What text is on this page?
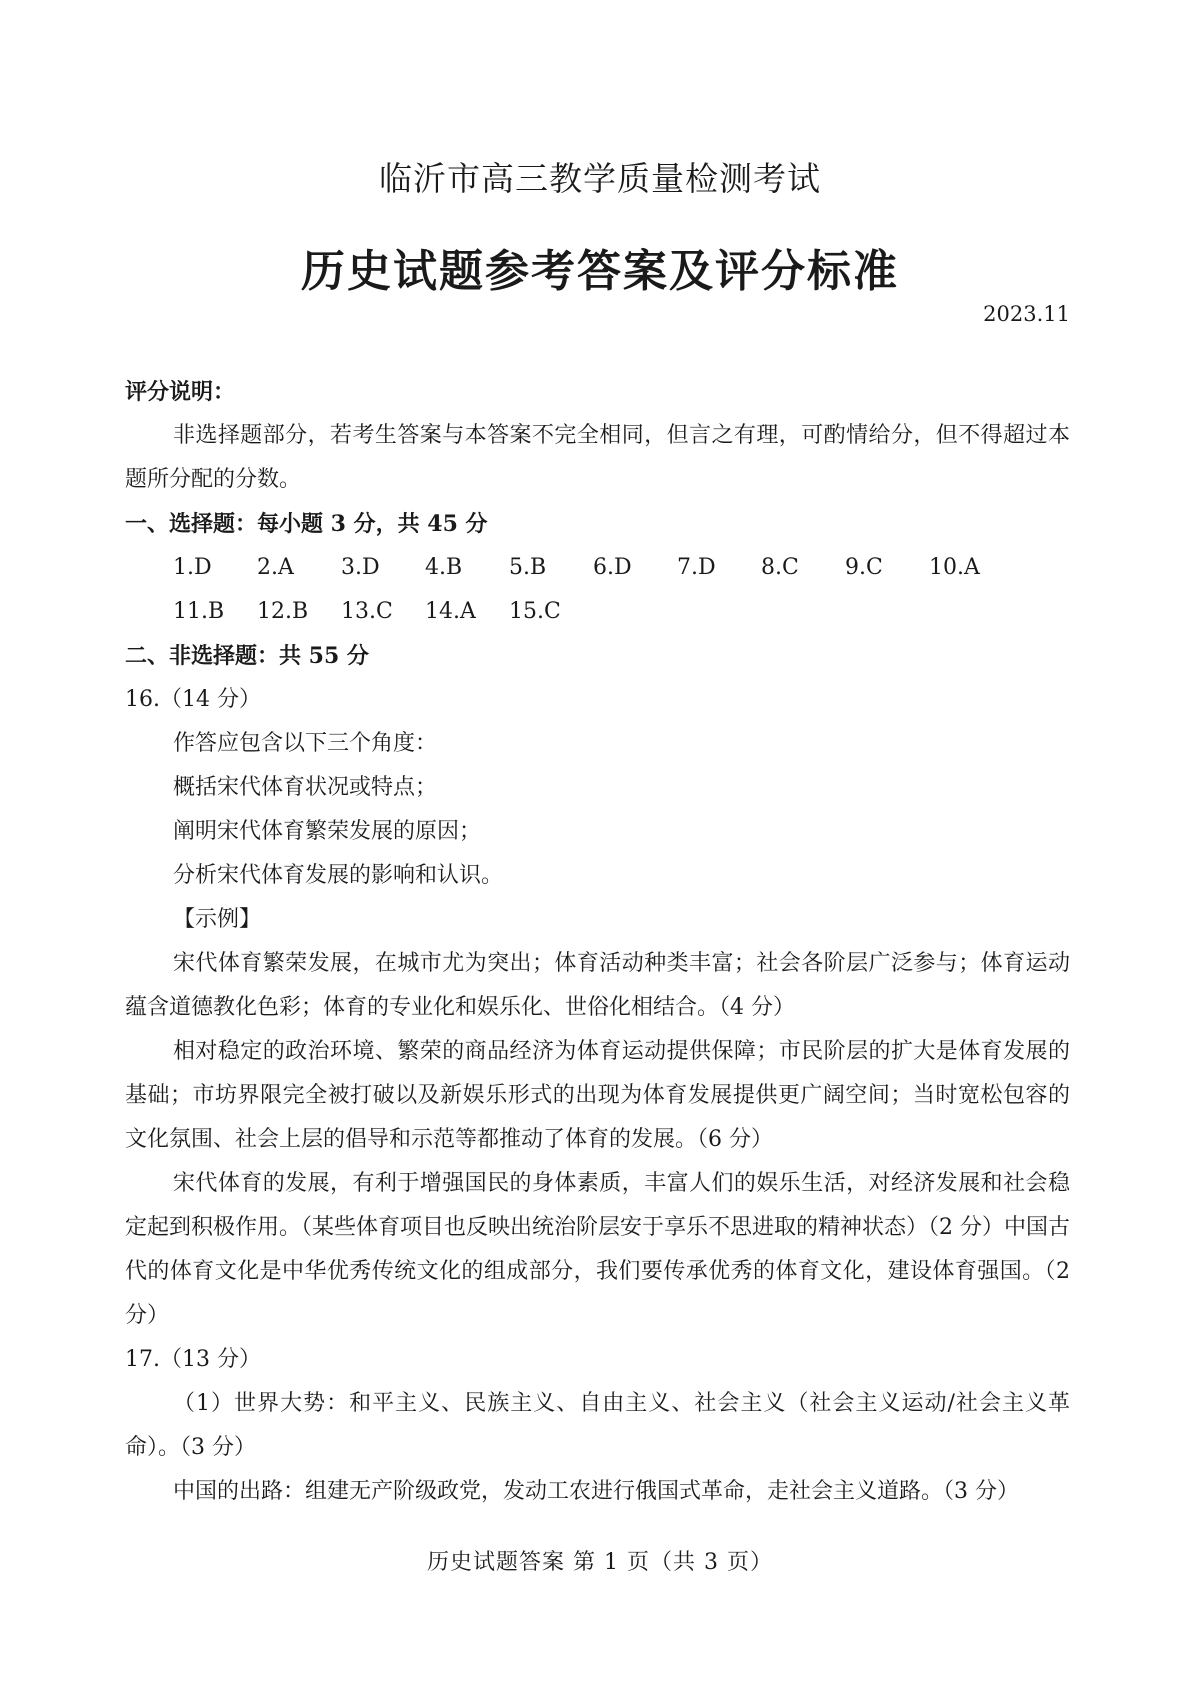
临沂市高三教学质量检测考试
历史试题参考答案及评分标准
2023.11
评分说明：
非选择题部分，若考生答案与本答案不完全相同，但言之有理，可酌情给分，但不得超过本题所分配的分数。
一、选择题：每小题 3 分，共 45 分
1.D	2.A	3.D	4.B	5.B	6.D	7.D	8.C	9.C	10.A
11.B	12.B	13.C	14.A	15.C
二、非选择题：共 55 分
16.（14 分）
作答应包含以下三个角度：
概括宋代体育状况或特点；
阐明宋代体育繁荣发展的原因；
分析宋代体育发展的影响和认识。
【示例】
宋代体育繁荣发展，在城市尤为突出；体育活动种类丰富；社会各阶层广泛参与；体育运动蕴含道德教化色彩；体育的专业化和娱乐化、世俗化相结合。（4 分）
相对稳定的政治环境、繁荣的商品经济为体育运动提供保障；市民阶层的扩大是体育发展的基础；市坊界限完全被打破以及新娱乐形式的出现为体育发展提供更广阔空间；当时宽松包容的文化氛围、社会上层的倡导和示范等都推动了体育的发展。（6 分）
宋代体育的发展，有利于增强国民的身体素质，丰富人们的娱乐生活，对经济发展和社会稳定起到积极作用。（某些体育项目也反映出统治阶层安于享乐不思进取的精神状态）（2 分）中国古代的体育文化是中华优秀传统文化的组成部分，我们要传承优秀的体育文化，建设体育强国。（2 分）
17.（13 分）
（1）世界大势：和平主义、民族主义、自由主义、社会主义（社会主义运动/社会主义革命）。（3 分）
中国的出路：组建无产阶级政党，发动工农进行俄国式革命，走社会主义道路。（3 分）
历史试题答案 第 1 页（共 3 页）
